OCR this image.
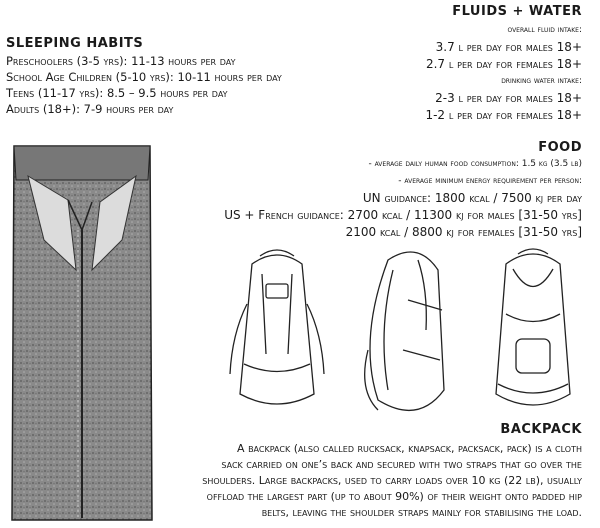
FLUIDS + WATER
overall fluid intake:
3.7 l per day for males 18+
2.7 l per day for females 18+
drinking water intake:
2-3 l per day for males 18+
1-2 l per day for females 18+
SLEEPING HABITS
Preschoolers (3-5 yrs): 11-13 hours per day
School Age Children (5-10 yrs): 10-11 hours per day
Teens (11-17 yrs): 8.5 – 9.5 hours per day
Adults (18+): 7-9 hours per day
FOOD
- average daily human food consumption: 1.5 kg (3.5 lb)
- average minimum energy requirement per person:
UN guidance: 1800 kcal / 7500 kj per day
US + French guidance: 2700 kcal / 11300 kj for males [31-50 yrs]
2100 kcal / 8800 kj for females [31-50 yrs]
BACKPACK
A backpack (also called rucksack, knapsack, packsack, pack) is a cloth
sack carried on one’s back and secured with two straps that go over the
shoulders. Large backpacks, used to carry loads over 10 kg (22 lb), usually
offload the largest part (up to about 90%) of their weight onto padded hip
belts, leaving the shoulder straps mainly for stabilising the load.
